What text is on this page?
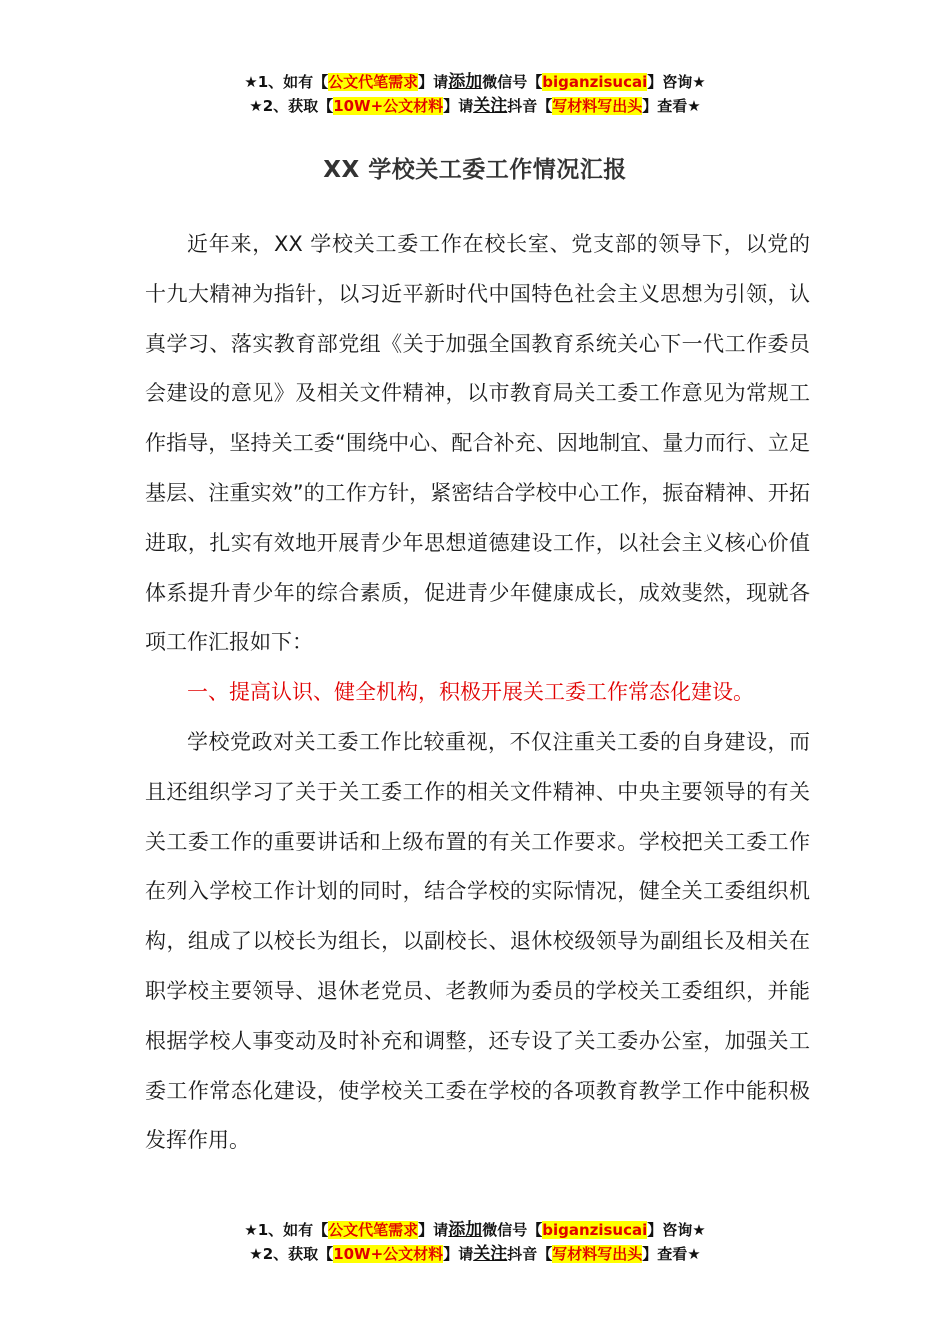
★1、如有【公文代笔需求】请添加微信号【biganzisucai】咨询★
★2、获取【10W+公文材料】请关注抖音【写材料写出头】查看★
XX 学校关工委工作情况汇报

近年来，XX 学校关工委工作在校长室、党支部的领导下，以党的十九大精神为指针，以习近平新时代中国特色社会主义思想为引领，认真学习、落实教育部党组《关于加强全国教育系统关心下一代工作委员会建设的意见》及相关文件精神，以市教育局关工委工作意见为常规工作指导，坚持关工委“围绕中心、配合补充、因地制宜、量力而行、立足基层、注重实效”的工作方针，紧密结合学校中心工作，振奋精神、开拓进取，扎实有效地开展青少年思想道德建设工作，以社会主义核心价值体系提升青少年的综合素质，促进青少年健康成长，成效斐然，现就各项工作汇报如下：

一、提高认识、健全机构，积极开展关工委工作常态化建设。

学校党政对关工委工作比较重视，不仅注重关工委的自身建设，而且还组织学习了关于关工委工作的相关文件精神、中央主要领导的有关关工委工作的重要讲话和上级布置的有关工作要求。学校把关工委工作在列入学校工作计划的同时，结合学校的实际情况，健全关工委组织机构，组成了以校长为组长，以副校长、退休校级领导为副组长及相关在职学校主要领导、退休老党员、老教师为委员的学校关工委组织，并能根据学校人事变动及时补充和调整，还专设了关工委办公室，加强关工委工作常态化建设，使学校关工委在学校的各项教育教学工作中能积极发挥作用。

★1、如有【公文代笔需求】请添加微信号【biganzisucai】咨询★
★2、获取【10W+公文材料】请关注抖音【写材料写出头】查看★
